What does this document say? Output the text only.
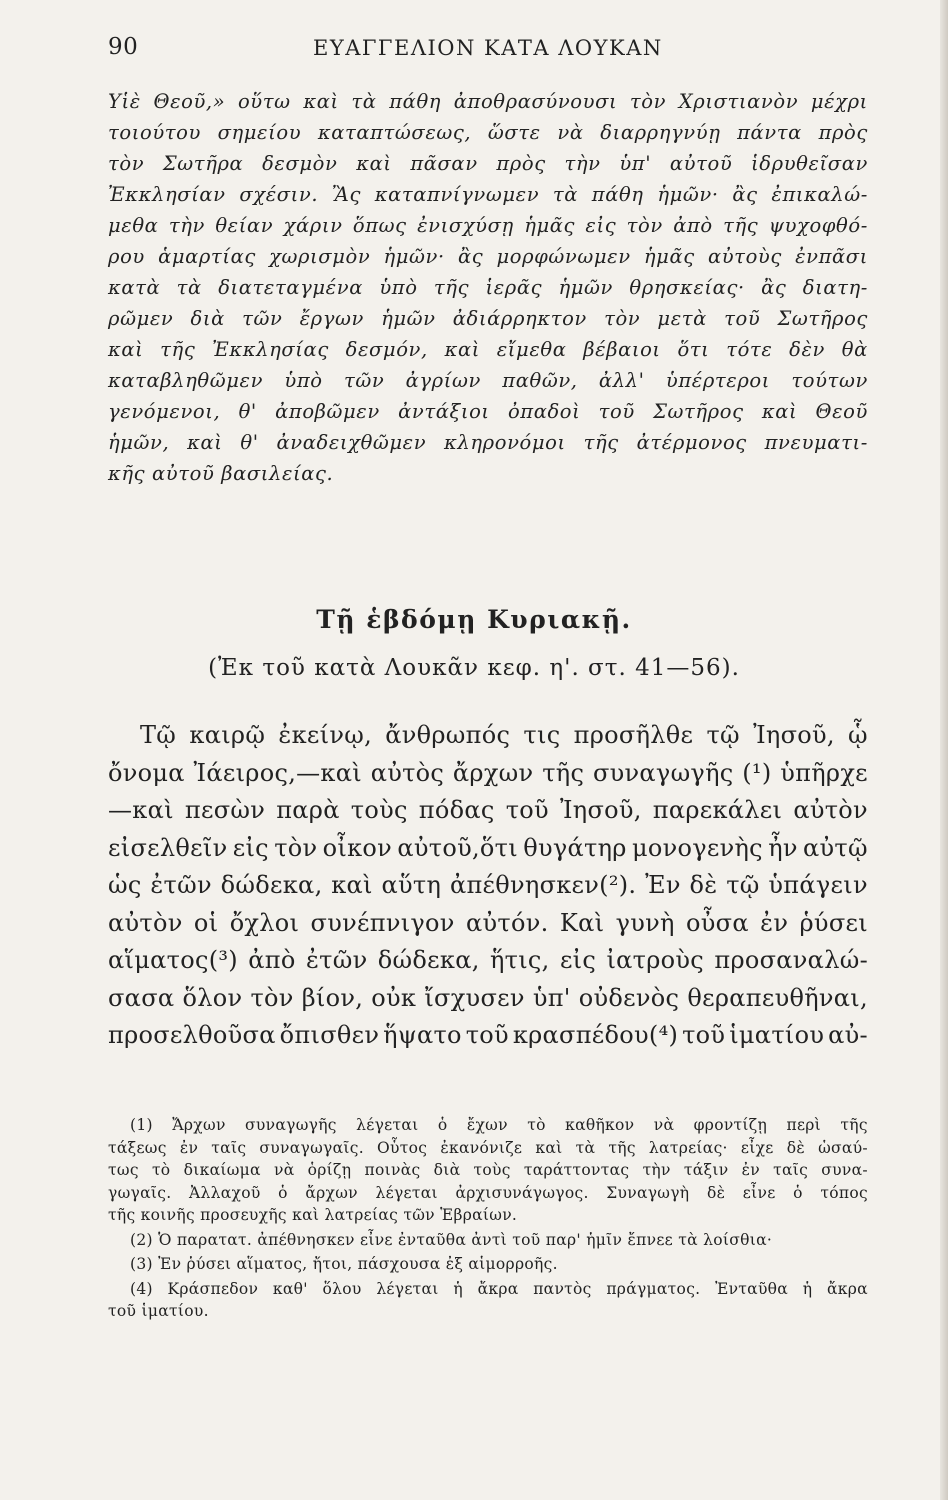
90	ΕΥΑΓΓΕΛΙΟΝ ΚΑΤΑ ΛΟΥΚΑΝ
Υἱὲ Θεοῦ,» οὕτω καὶ τὰ πάθη ἀποθρασύνουσι τὸν Χριστιανὸν μέχρι
τοιούτου σημείου καταπτώσεως, ὥστε νὰ διαρρηγνύῃ πάντα πρὸς
τὸν Σωτῆρα δεσμὸν καὶ πᾶσαν πρὸς τὴν ὑπ' αὐτοῦ ἱδρυθεῖσαν
Ἐκκλησίαν σχέσιν. Ἂς καταπνίγνωμεν τὰ πάθη ἡμῶν· ἂς ἐπικαλώ-
μεθα τὴν θείαν χάριν ὅπως ἐνισχύσῃ ἡμᾶς εἰς τὸν ἀπὸ τῆς ψυχοφθό-
ρου ἁμαρτίας χωρισμὸν ἡμῶν· ἂς μορφώνωμεν ἡμᾶς αὐτοὺς ἐνπᾶσι
κατὰ τὰ διατεταγμένα ὑπὸ τῆς ἱερᾶς ἡμῶν θρησκείας· ἂς διατη-
ρῶμεν διὰ τῶν ἔργων ἡμῶν ἀδιάρρηκτον τὸν μετὰ τοῦ Σωτῆρος
καὶ τῆς Ἐκκλησίας δεσμόν, καὶ εἴμεθα βέβαιοι ὅτι τότε δὲν θὰ
καταβληθῶμεν ὑπὸ τῶν ἀγρίων παθῶν, ἀλλ' ὑπέρτεροι τούτων
γενόμενοι, θ' ἀποβῶμεν ἀντάξιοι ὀπαδοὶ τοῦ Σωτῆρος καὶ Θεοῦ
ἡμῶν, καὶ θ' ἀναδειχθῶμεν κληρονόμοι τῆς ἀτέρμονος πνευματι-
κῆς αὐτοῦ βασιλείας.
Τῇ ἑβδόμῃ Κυριακῇ.
(Ἐκ τοῦ κατὰ Λουκᾶν κεφ. η'. στ. 41—56).
Τῷ καιρῷ ἐκείνῳ, ἄνθρωπός τις προσῆλθε τῷ Ἰησοῦ, ᾧ
ὄνομα Ἰάειρος,—καὶ αὐτὸς ἄρχων τῆς συναγωγῆς (¹) ὑπῆρχε
—καὶ πεσὼν παρὰ τοὺς πόδας τοῦ Ἰησοῦ, παρεκάλει αὐτὸν
εἰσελθεῖν εἰς τὸν οἶκον αὐτοῦ,ὅτι θυγάτηρ μονογενὴς ἦν αὐτῷ
ὡς ἐτῶν δώδεκα, καὶ αὕτη ἀπέθνησκεν(²). Ἐν δὲ τῷ ὑπάγειν
αὐτὸν οἱ ὄχλοι συνέπνιγον αὐτόν. Καὶ γυνὴ οὖσα ἐν ῥύσει
αἵματος(³) ἀπὸ ἐτῶν δώδεκα, ἥτις, εἰς ἰατροὺς προσαναλώ-
σασα ὅλον τὸν βίον, οὐκ ἴσχυσεν ὑπ' οὐδενὸς θεραπευθῆναι,
προσελθοῦσα ὄπισθεν ἥψατο τοῦ κρασπέδου(⁴) τοῦ ἱματίου αὐ-
(1) Ἄρχων συναγωγῆς λέγεται ὁ ἔχων τὸ καθῆκον νὰ φροντίζῃ περὶ τῆς
τάξεως ἐν ταῖς συναγωγαῖς. Οὗτος ἐκανόνιζε καὶ τὰ τῆς λατρείας· εἶχε δὲ ὡσαύ-
τως τὸ δικαίωμα νὰ ὁρίζῃ ποινὰς διὰ τοὺς ταράττοντας τὴν τάξιν ἐν ταῖς συνα-
γωγαῖς. Ἀλλαχοῦ ὁ ἄρχων λέγεται ἀρχισυνάγωγος. Συναγωγὴ δὲ εἶνε ὁ τόπος
τῆς κοινῆς προσευχῆς καὶ λατρείας τῶν Ἑβραίων.
(2) Ὁ παρατατ. ἀπέθνησκεν εἶνε ἐνταῦθα ἀντὶ τοῦ παρ' ἡμῖν ἔπνεε τὰ λοίσθια·
(3) Ἐν ῥύσει αἵματος, ἤτοι, πάσχουσα ἐξ αἱμορροῆς.
(4) Κράσπεδον καθ' ὅλου λέγεται ἡ ἄκρα παντὸς πράγματος. Ἐνταῦθα ἡ ἄκρα
τοῦ ἱματίου.
